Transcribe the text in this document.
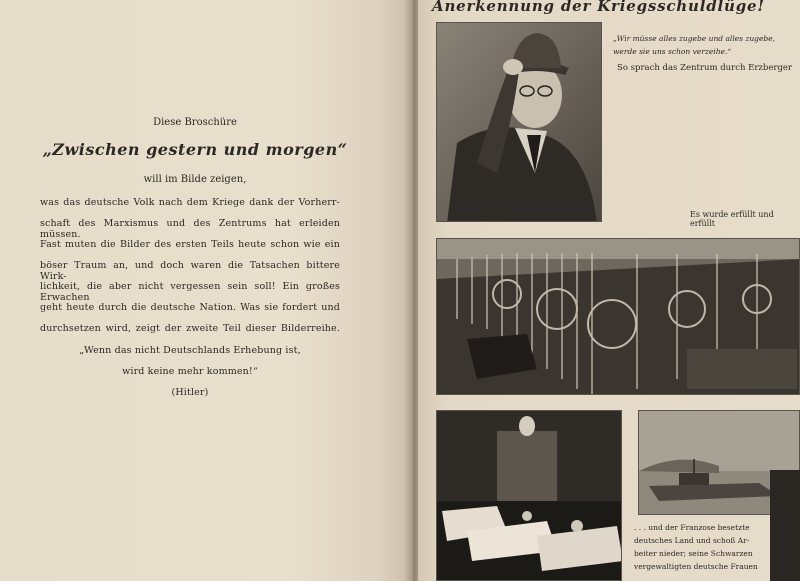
Diese Broschüre
„Zwischen gestern und morgen“
will im Bilde zeigen,
was das deutsche Volk nach dem Kriege dank der Vorherr-
schaft des Marxismus und des Zentrums hat erleiden müssen.
Fast muten die Bilder des ersten Teils heute schon wie ein
böser Traum an, und doch waren die Tatsachen bittere Wirk-
lichkeit, die aber nicht vergessen sein soll! Ein großes Erwachen
geht heute durch die deutsche Nation. Was sie fordert und
durchsetzen wird, zeigt der zweite Teil dieser Bilderreihe.
„Wenn das nicht Deutschlands Erhebung ist,
wird keine mehr kommen!“
(Hitler)
Anerkennung der Kriegsschuldlüge!
„Wir müsse alles zugebe und alles zugebe,
werde sie uns schon verzeihe.“
So sprach das Zentrum durch Erzberger
Es wurde erfüllt und erfüllt
. . . und der Franzose besetzte
deutsches Land und schoß Ar-
beiter nieder; seine Schwarzen
vergewaltigten deutsche Frauen
